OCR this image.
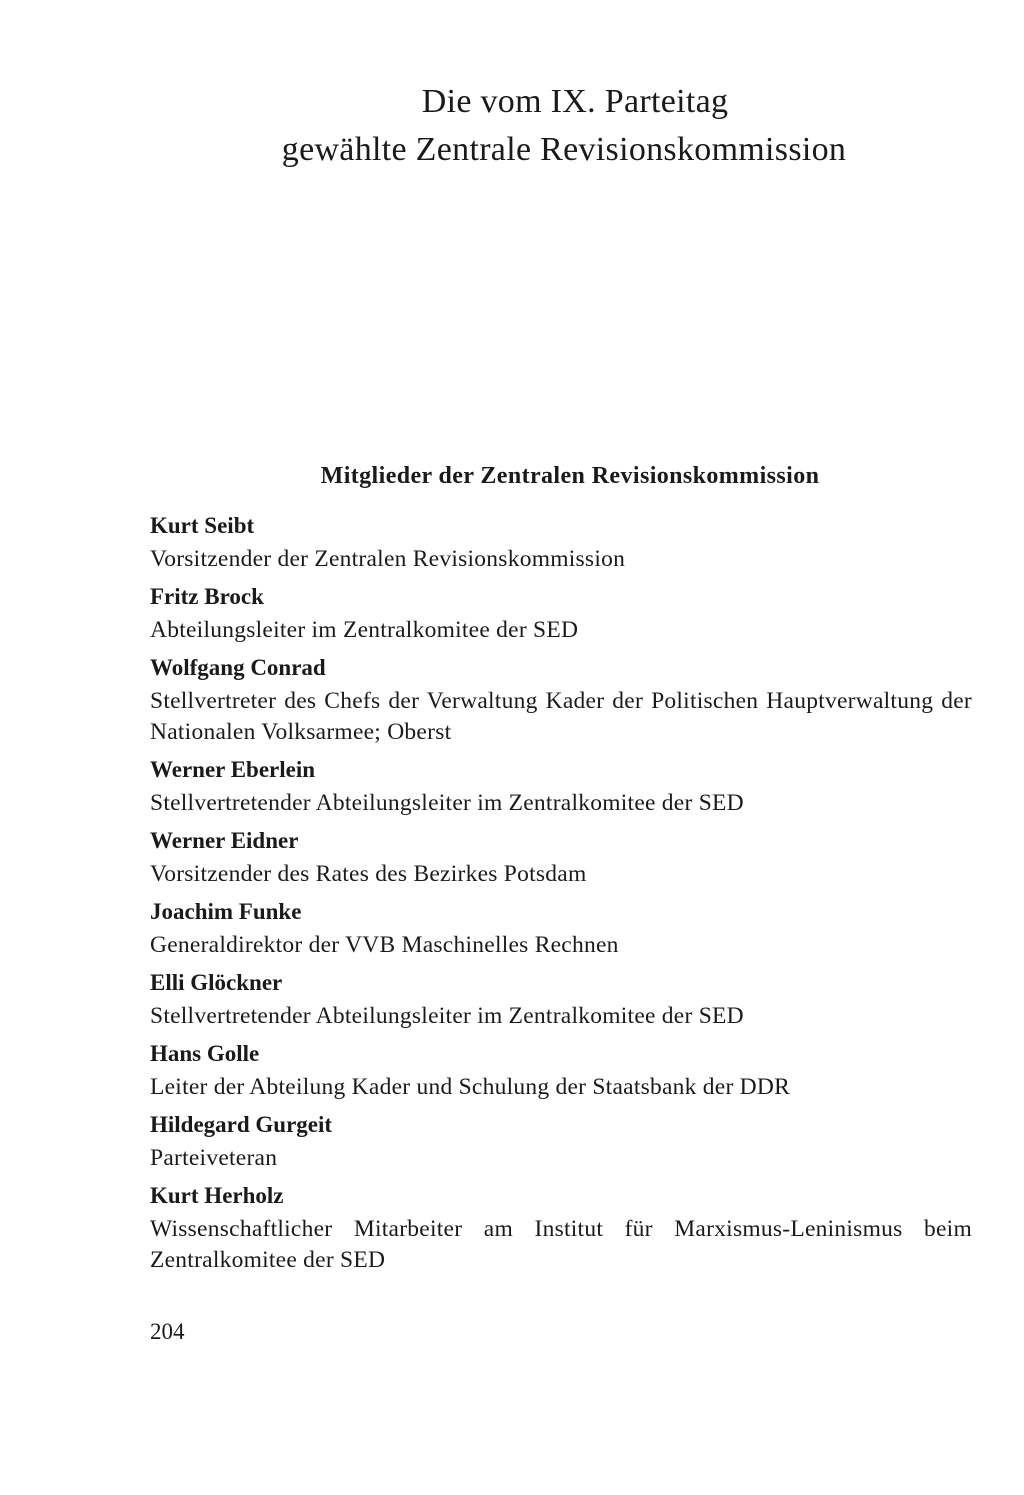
Die vom IX. Parteitag

gewählte Zentrale Revisionskommission

Mitglieder der Zentralen Revisionskommission
Kurt Seibt
Vorsitzender der Zentralen Revisionskommission
Fritz Brock
Abteilungsleiter im Zentralkomitee der SED
Wolfgang Conrad
Stellvertreter des Chefs der Verwaltung Kader der Politischen Hauptverwaltung der Nationalen Volksarmee; Oberst
Werner Eberlein
Stellvertretender Abteilungsleiter im Zentralkomitee der SED
Werner Eidner
Vorsitzender des Rates des Bezirkes Potsdam
Joachim Funke
Generaldirektor der VVB Maschinelles Rechnen
Elli Glöckner
Stellvertretender Abteilungsleiter im Zentralkomitee der SED
Hans Golle
Leiter der Abteilung Kader und Schulung der Staatsbank der DDR
Hildegard Gurgeit
Parteiveteran
Kurt Herholz
Wissenschaftlicher Mitarbeiter am Institut für Marxismus-Leninismus beim Zentralkomitee der SED
204
